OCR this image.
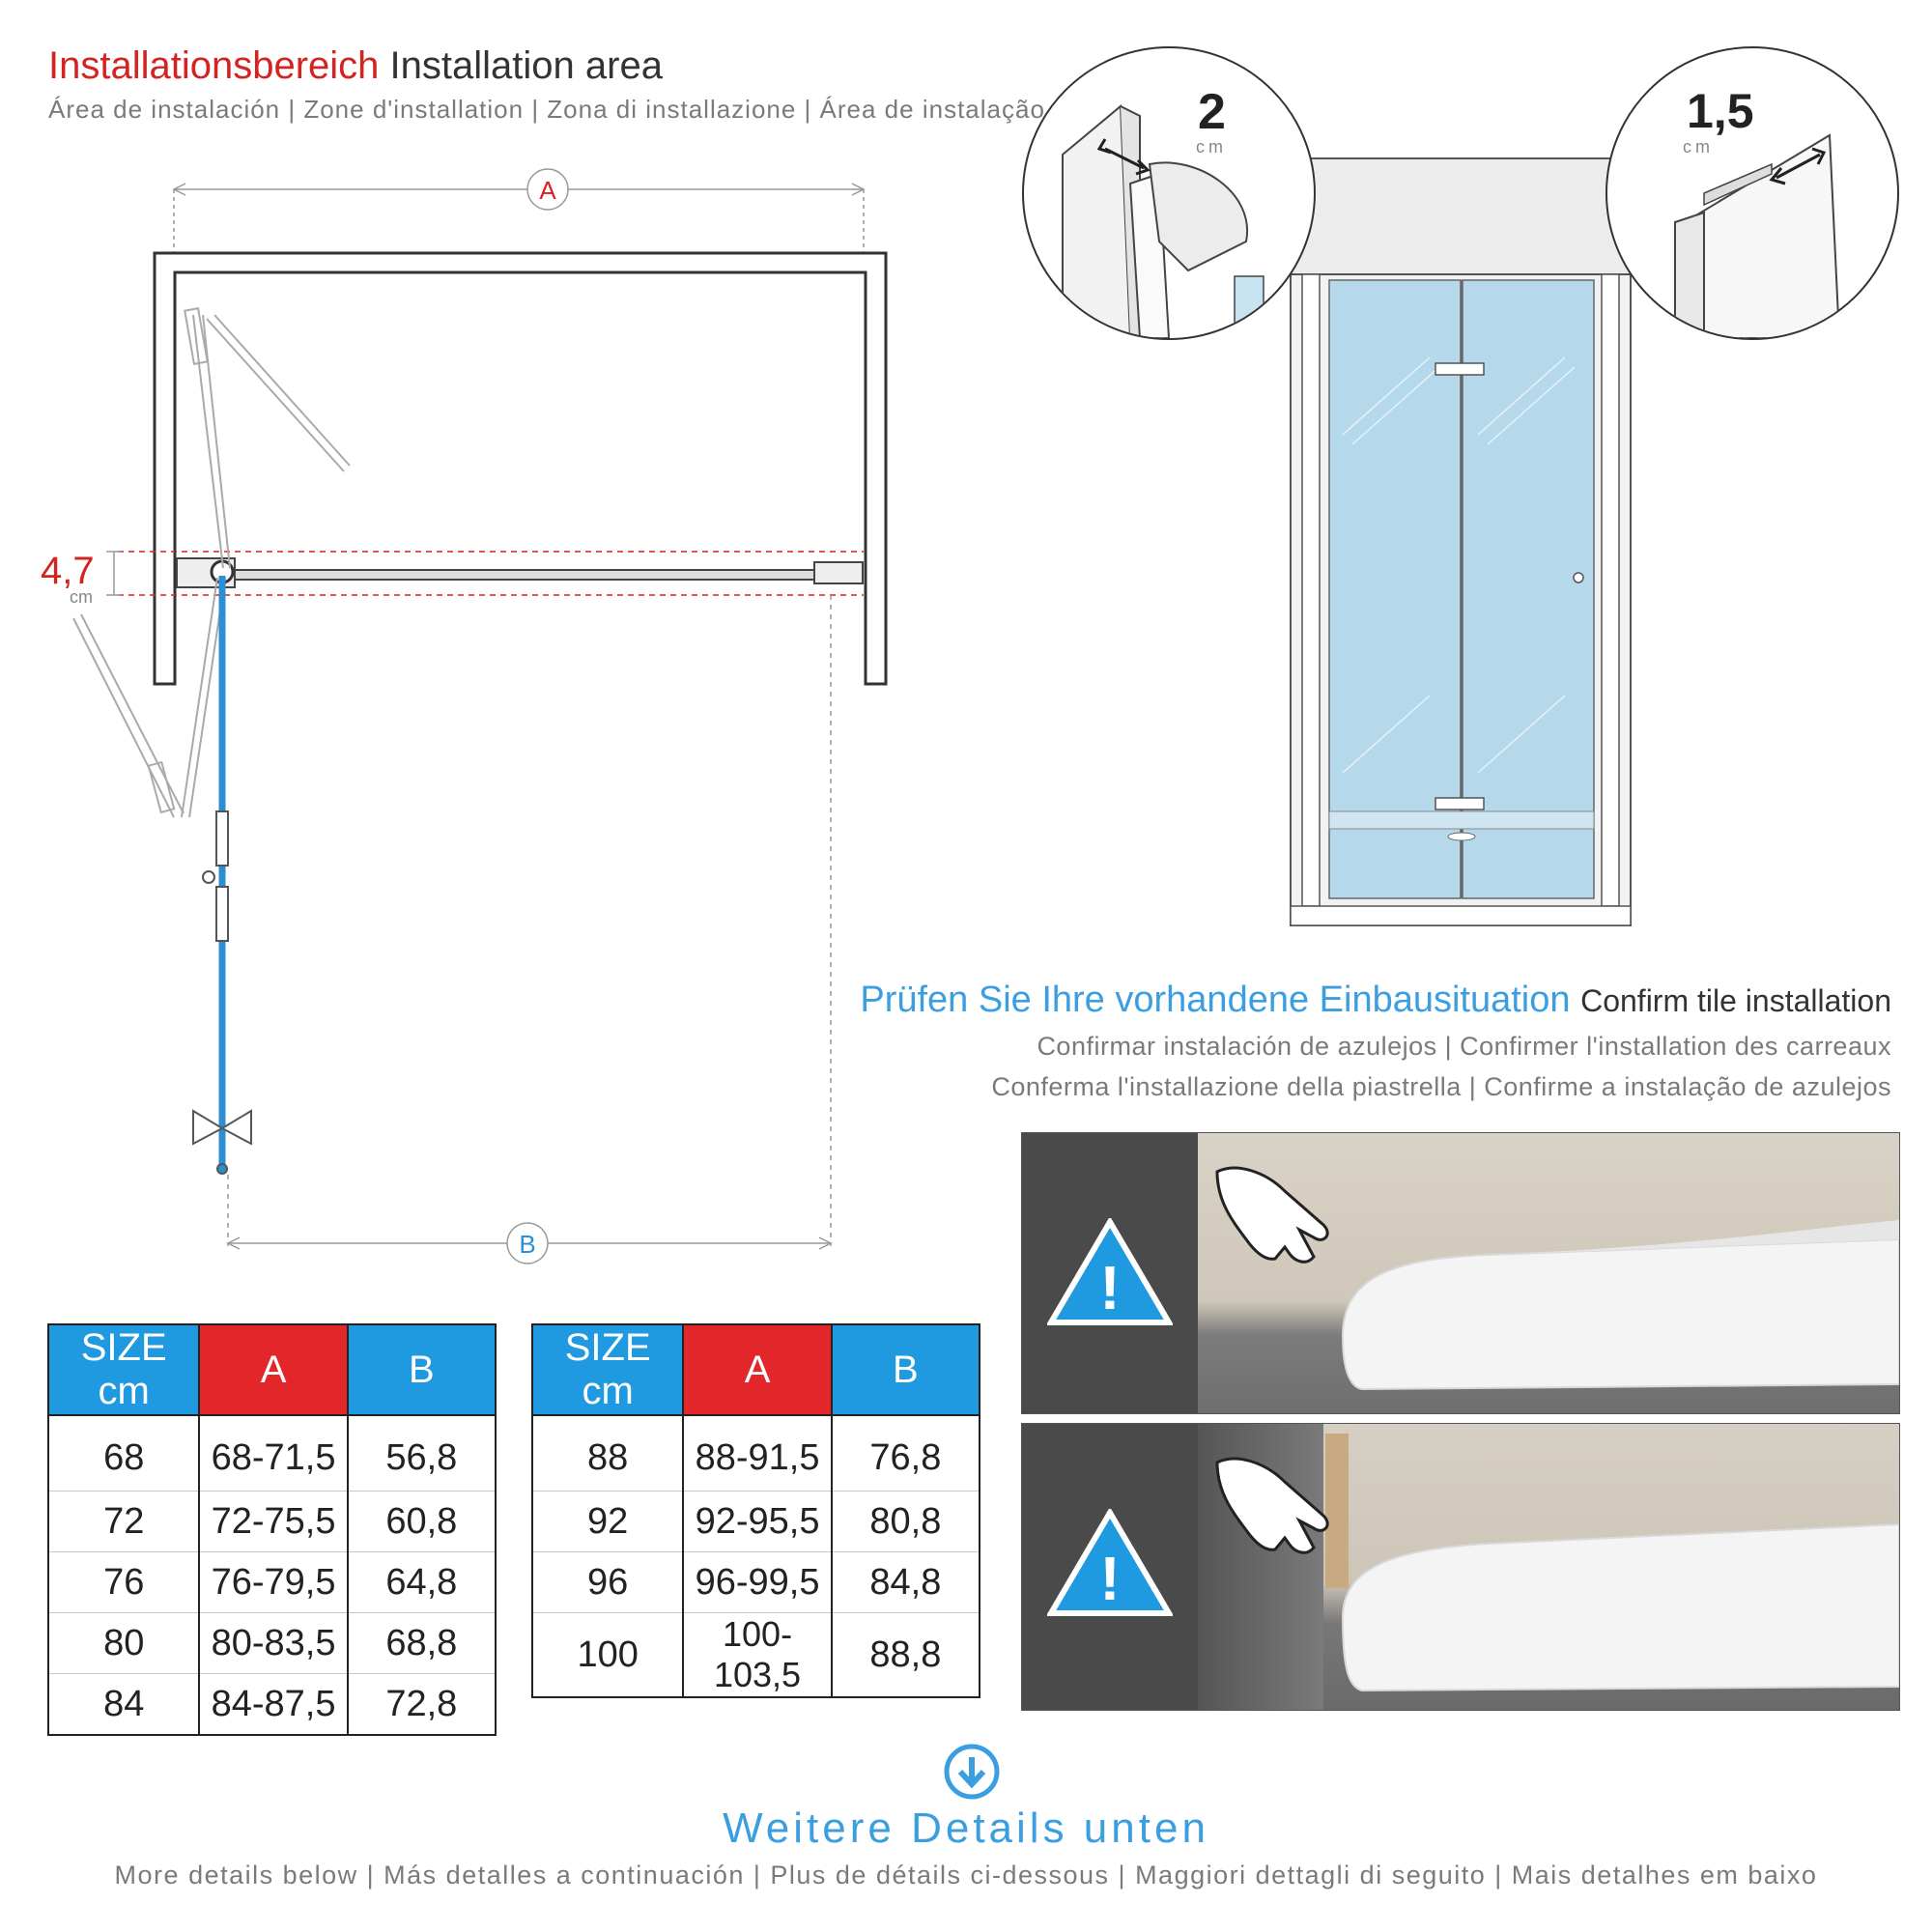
Installationsbereich Installation area
Área de instalación | Zone d'installation | Zona di installazione | Área de instalação
A
4,7
cm
B
2
cm
1,5
cm
Prüfen Sie Ihre vorhandene Einbausituation Confirm tile installation
Confirmar instalación de azulejos | Confirmer l'installation des carreaux
Conferma l'installazione della piastrella | Confirme a instalação de azulejos
!
!
SIZE cm	A	B
68	68-71,5	56,8
72	72-75,5	60,8
76	76-79,5	64,8
80	80-83,5	68,8
84	84-87,5	72,8
SIZE cm	A	B
88	88-91,5	76,8
92	92-95,5	80,8
96	96-99,5	84,8
100	100-103,5	88,8
Weitere Details unten
More details below | Más detalles a continuación | Plus de détails ci-dessous | Maggiori dettagli di seguito | Mais detalhes em baixo
